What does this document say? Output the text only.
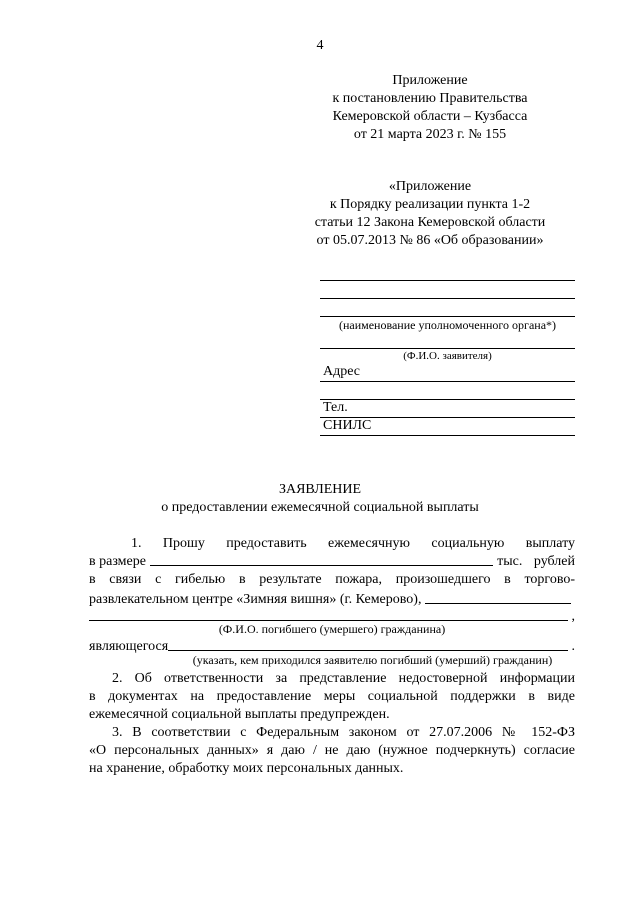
4
Приложение
к постановлению Правительства
Кемеровской области – Кузбасса
от 21 марта 2023 г. № 155
«Приложение
к Порядку реализации пункта 1-2
статьи 12 Закона Кемеровской области
от 05.07.2013 № 86 «Об образовании»
(наименование уполномоченного органа*)
(Ф.И.О. заявителя)
Адрес
Тел.
СНИЛС
ЗАЯВЛЕНИЕ
о предоставлении ежемесячной социальной выплаты
1. Прошу предоставить ежемесячную социальную выплату
в размере	тыс. рублей
в связи с гибелью в результате пожара, произошедшего в торгово-
развлекательном центре «Зимняя вишня» (г. Кемерово),
,
(Ф.И.О. погибшего (умершего) гражданина)
являющегося	.
(указать, кем приходился заявителю погибший (умерший) гражданин)
2. Об ответственности за представление недостоверной информации
в документах на предоставление меры социальной поддержки в виде
ежемесячной социальной выплаты предупрежден.
3. В соответствии с Федеральным законом от 27.07.2006 № 152-ФЗ
«О персональных данных» я даю / не даю (нужное подчеркнуть) согласие
на хранение, обработку моих персональных данных.
